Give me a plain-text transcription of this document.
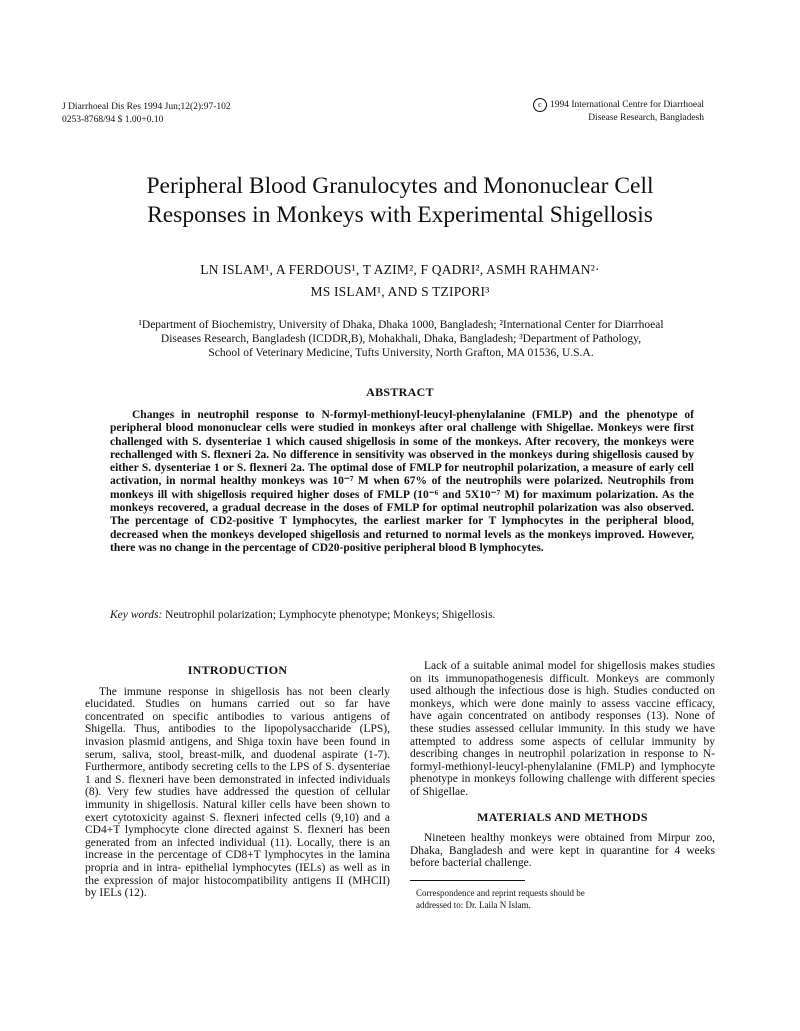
J Diarrhoeal Dis Res 1994 Jun;12(2):97-102
0253-8768/94 $ 1.00+0.10
c 1994 International Centre for Diarrhoeal
Disease Research, Bangladesh
Peripheral Blood Granulocytes and Mononuclear Cell
Responses in Monkeys with Experimental Shigellosis
LN ISLAM¹, A FERDOUS¹, T AZIM², F QADRI², ASMH RAHMAN²·
MS ISLAM¹, AND S TZIPORI³
¹Department of Biochemistry, University of Dhaka, Dhaka 1000, Bangladesh; ²International Center for Diarrhoeal
Diseases Research, Bangladesh (ICDDR,B), Mohakhali, Dhaka, Bangladesh; ³Department of Pathology,
School of Veterinary Medicine, Tufts University, North Grafton, MA 01536, U.S.A.
ABSTRACT

Changes in neutrophil response to N-formyl-methionyl-leucyl-phenylalanine (FMLP) and the phenotype of peripheral blood mononuclear cells were studied in monkeys after oral challenge with Shigellae. Monkeys were first challenged with S. dysenteriae 1 which caused shigellosis in some of the monkeys. After recovery, the monkeys were rechallenged with S. flexneri 2a. No difference in sensitivity was observed in the monkeys during shigellosis caused by either S. dysenteriae 1 or S. flexneri 2a. The optimal dose of FMLP for neutrophil polarization, a measure of early cell activation, in normal healthy monkeys was 10⁻⁷ M when 67% of the neutrophils were polarized. Neutrophils from monkeys ill with shigellosis required higher doses of FMLP (10⁻⁶ and 5X10⁻⁷ M) for maximum polarization. As the monkeys recovered, a gradual decrease in the doses of FMLP for optimal neutrophil polarization was also observed. The percentage of CD2-positive T lymphocytes, the earliest marker for T lymphocytes in the peripheral blood, decreased when the monkeys developed shigellosis and returned to normal levels as the monkeys improved. However, there was no change in the percentage of CD20-positive peripheral blood B lymphocytes.

Key words: Neutrophil polarization; Lymphocyte phenotype; Monkeys; Shigellosis.
INTRODUCTION

The immune response in shigellosis has not been clearly elucidated. Studies on humans carried out so far have concentrated on specific antibodies to various antigens of Shigella. Thus, antibodies to the lipopolysaccharide (LPS), invasion plasmid antigens, and Shiga toxin have been found in serum, saliva, stool, breast-milk, and duodenal aspirate (1-7). Furthermore, antibody secreting cells to the LPS of S. dysenteriae 1 and S. flexneri have been demonstrated in infected individuals (8). Very few studies have addressed the question of cellular immunity in shigellosis. Natural killer cells have been shown to exert cytotoxicity against S. flexneri infected cells (9,10) and a CD4+T lymphocyte clone directed against S. flexneri has been generated from an infected individual (11). Locally, there is an increase in the percentage of CD8+T lymphocytes in the lamina propria and in intra- epithelial lymphocytes (IELs) as well as in the expression of major histocompatibility antigens II (MHCII) by IELs (12).

Lack of a suitable animal model for shigellosis makes studies on its immunopathogenesis difficult. Monkeys are commonly used although the infectious dose is high. Studies conducted on monkeys, which were done mainly to assess vaccine efficacy, have again concentrated on antibody responses (13). None of these studies assessed cellular immunity. In this study we have attempted to address some aspects of cellular immunity by describing changes in neutrophil polarization in response to N-formyl-methionyl-leucyl-phenylalanine (FMLP) and lymphocyte phenotype in monkeys following challenge with different species of Shigellae.

MATERIALS AND METHODS

Nineteen healthy monkeys were obtained from Mirpur zoo, Dhaka, Bangladesh and were kept in quarantine for 4 weeks before bacterial challenge.

Correspondence and reprint requests should be
addressed to: Dr. Laila N Islam.
